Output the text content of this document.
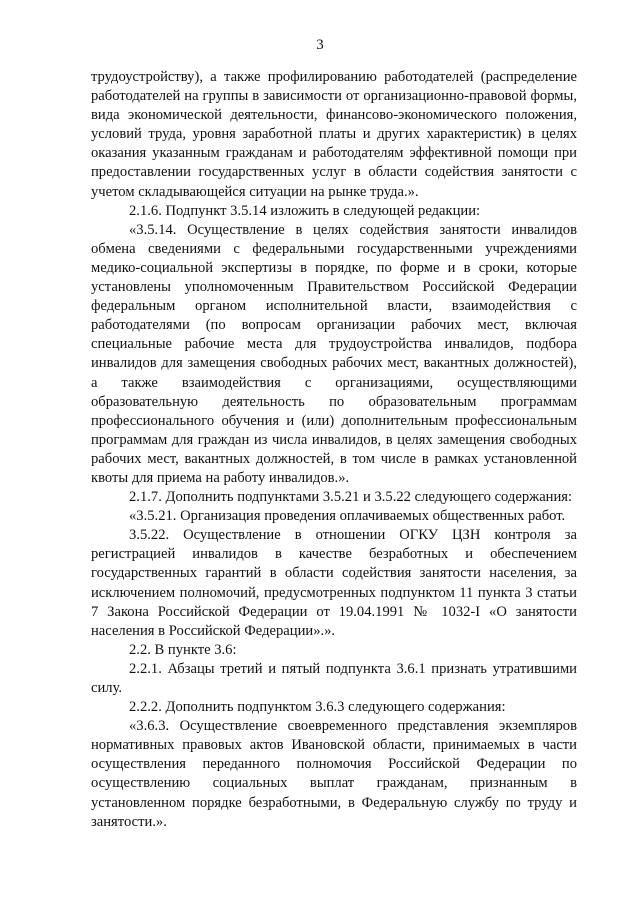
3

трудоустройству), а также профилированию работодателей (распределение работодателей на группы в зависимости от организационно-правовой формы, вида экономической деятельности, финансово-экономического положения, условий труда, уровня заработной платы и других характеристик) в целях оказания указанным гражданам и работодателям эффективной помощи при предоставлении государственных услуг в области содействия занятости с учетом складывающейся ситуации на рынке труда.».

2.1.6. Подпункт 3.5.14 изложить в следующей редакции:

«3.5.14. Осуществление в целях содействия занятости инвалидов обмена сведениями с федеральными государственными учреждениями медико-социальной экспертизы в порядке, по форме и в сроки, которые установлены уполномоченным Правительством Российской Федерации федеральным органом исполнительной власти, взаимодействия с работодателями (по вопросам организации рабочих мест, включая специальные рабочие места для трудоустройства инвалидов, подбора инвалидов для замещения свободных рабочих мест, вакантных должностей), а также взаимодействия с организациями, осуществляющими образовательную деятельность по образовательным программам профессионального обучения и (или) дополнительным профессиональным программам для граждан из числа инвалидов, в целях замещения свободных рабочих мест, вакантных должностей, в том числе в рамках установленной квоты для приема на работу инвалидов.».

2.1.7. Дополнить подпунктами 3.5.21 и 3.5.22 следующего содержания:

«3.5.21. Организация проведения оплачиваемых общественных работ.

3.5.22. Осуществление в отношении ОГКУ ЦЗН контроля за регистрацией инвалидов в качестве безработных и обеспечением государственных гарантий в области содействия занятости населения, за исключением полномочий, предусмотренных подпунктом 11 пункта 3 статьи 7 Закона Российской Федерации от 19.04.1991 № 1032-I «О занятости населения в Российской Федерации».».

2.2. В пункте 3.6:

2.2.1. Абзацы третий и пятый подпункта 3.6.1 признать утратившими силу.

2.2.2. Дополнить подпунктом 3.6.3 следующего содержания:

«3.6.3. Осуществление своевременного представления экземпляров нормативных правовых актов Ивановской области, принимаемых в части осуществления переданного полномочия Российской Федерации по осуществлению социальных выплат гражданам, признанным в установленном порядке безработными, в Федеральную службу по труду и занятости.».
